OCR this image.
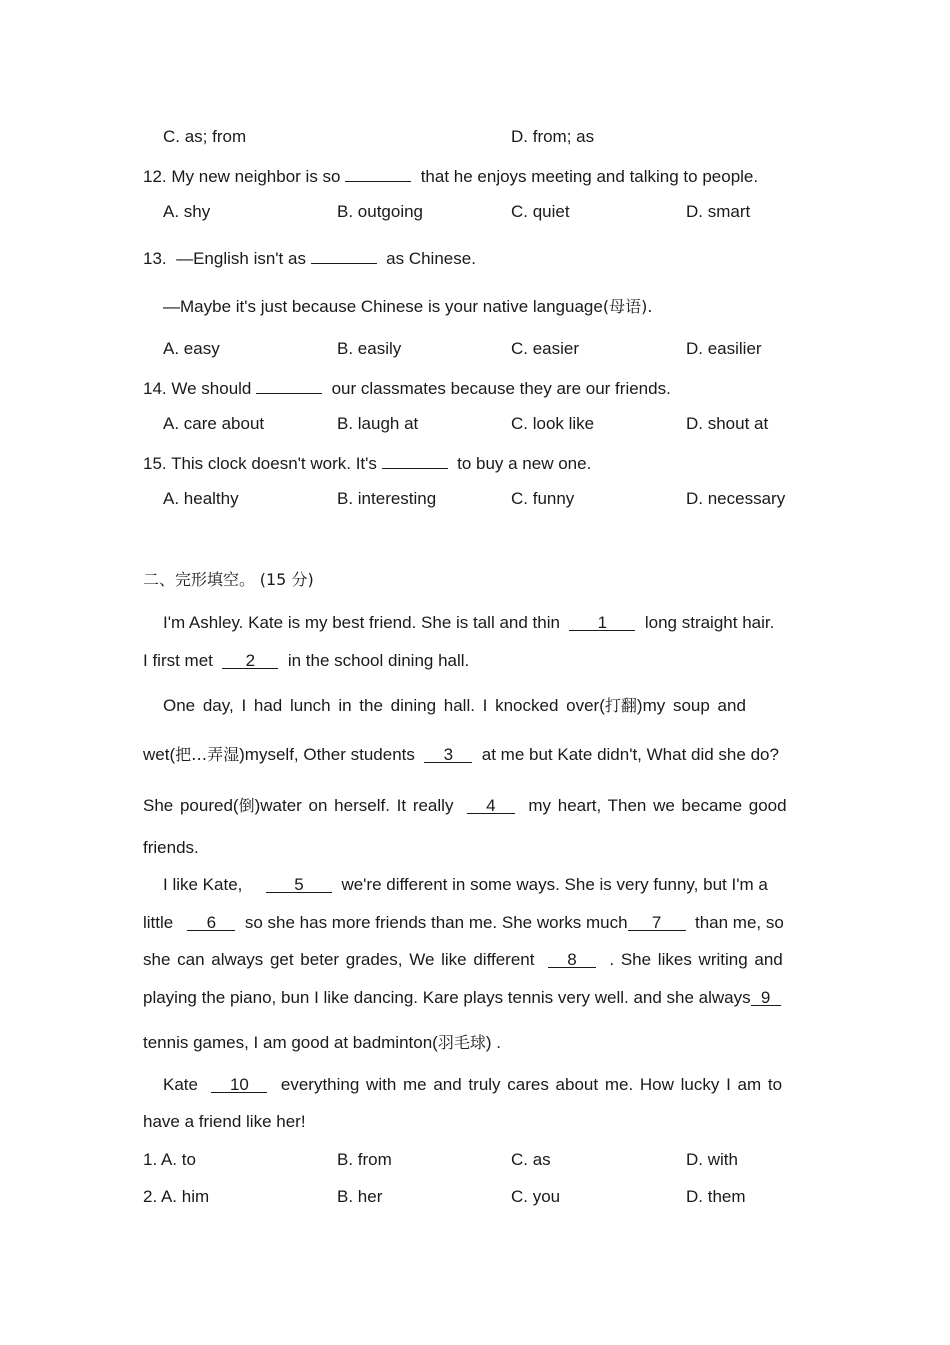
C. as; from	D. from; as
12. My new neighbor is so	that he enjoys meeting and talking to people.
A. shy	B. outgoing	C. quiet	D. smart
13. —English isn't as	as Chinese.
—Maybe it's just because Chinese is your native language(母语).
A. easy	B. easily	C. easier	D. easilier
14. We should	our classmates because they are our friends.
A. care about	B. laugh at	C. look like	D. shout at
15. This clock doesn't work. It's	to buy a new one.
A. healthy	B. interesting	C. funny	D. necessary
二、完形填空。 (15 分)
I'm Ashley. Kate is my best friend. She is tall and thin 1 long straight hair.
I first met 2 in the school dining hall.
One day, I had lunch in the dining hall. I knocked over(打翻)my soup and
wet(把…弄湿)myself, Other students 3 at me but Kate didn't, What did she do?
She poured(倒)water on herself. It really 4 my heart, Then we became good
friends.
I like Kate,	5 we're different in some ways. She is very funny, but I'm a
little 6 so she has more friends than me. She works much 7 than me, so
she can always get beter grades, We like different 8 . She likes writing and
playing the piano, bun I like dancing. Kare plays tennis very well. and she always 9
tennis games, I am good at badminton(羽毛球) .
Kate 10 everything with me and truly cares about me. How lucky I am to
have a friend like her!
1. A. to	B. from	C. as	D. with
2. A. him	B. her	C. you	D. them
